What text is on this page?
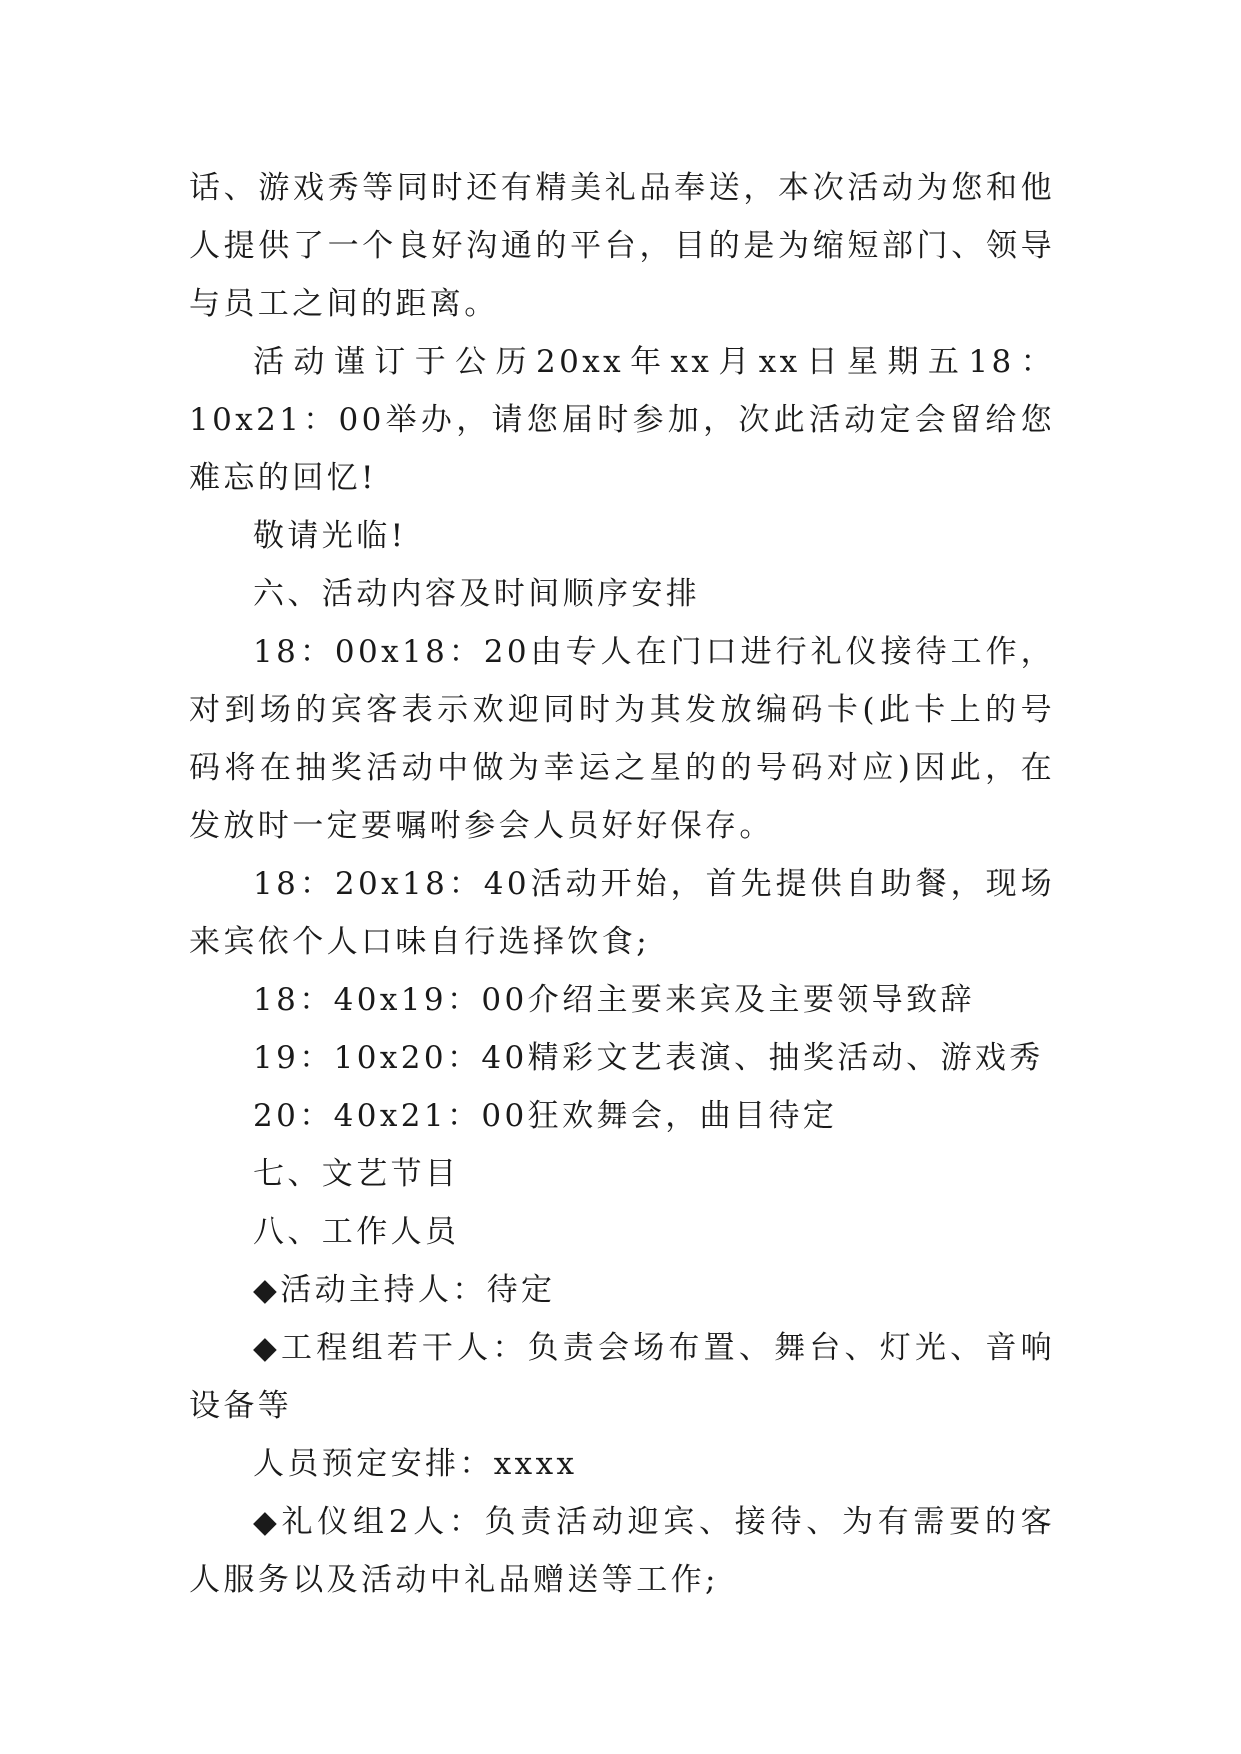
话、游戏秀等同时还有精美礼品奉送，本次活动为您和他人提供了一个良好沟通的平台，目的是为缩短部门、领导与员工之间的距离。

活动谨订于公历20xx年xx月xx日星期五18：10x21：00举办，请您届时参加，次此活动定会留给您难忘的回忆!

敬请光临!

六、活动内容及时间顺序安排

18：00x18：20由专人在门口进行礼仪接待工作，对到场的宾客表示欢迎同时为其发放编码卡(此卡上的号码将在抽奖活动中做为幸运之星的的号码对应)因此，在发放时一定要嘱咐参会人员好好保存。

18：20x18：40活动开始，首先提供自助餐，现场来宾依个人口味自行选择饮食;

18：40x19：00介绍主要来宾及主要领导致辞

19：10x20：40精彩文艺表演、抽奖活动、游戏秀

20：40x21：00狂欢舞会，曲目待定

七、文艺节目

八、工作人员

◆活动主持人：待定

◆工程组若干人：负责会场布置、舞台、灯光、音响设备等

人员预定安排：xxxx

◆礼仪组2人：负责活动迎宾、接待、为有需要的客人服务以及活动中礼品赠送等工作;
